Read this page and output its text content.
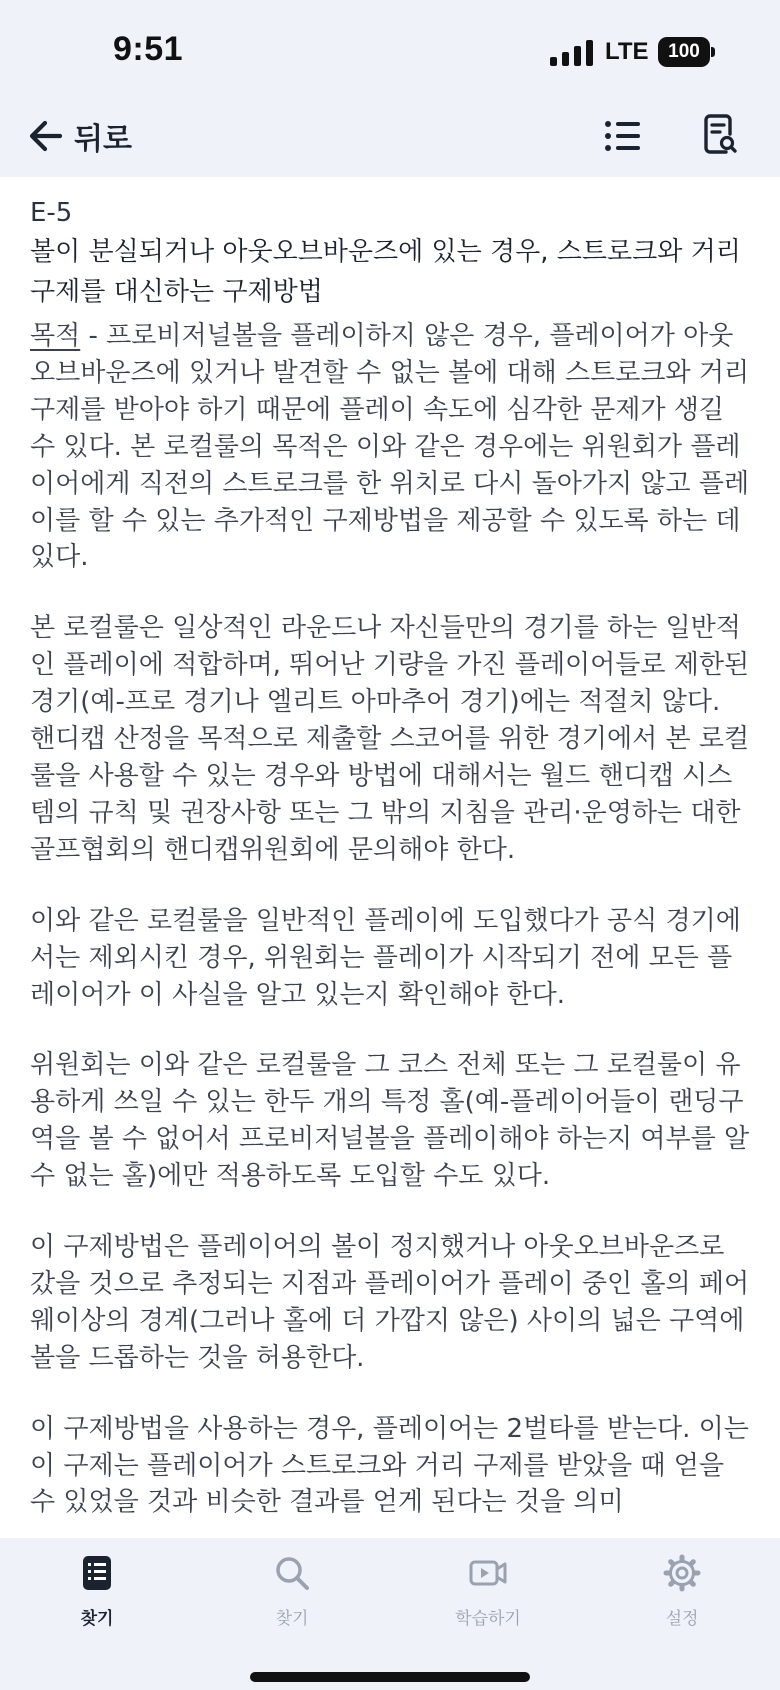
9:51	LTE	100
뒤로
E-5
볼이 분실되거나 아웃오브바운즈에 있는 경우, 스트로크와 거리 구제를 대신하는 구제방법

목적 - 프로비저널볼을 플레이하지 않은 경우, 플레이어가 아웃오브바운즈에 있거나 발견할 수 없는 볼에 대해 스트로크와 거리 구제를 받아야 하기 때문에 플레이 속도에 심각한 문제가 생길 수 있다. 본 로컬룰의 목적은 이와 같은 경우에는 위원회가 플레이어에게 직전의 스트로크를 한 위치로 다시 돌아가지 않고 플레이를 할 수 있는 추가적인 구제방법을 제공할 수 있도록 하는 데 있다.

본 로컬룰은 일상적인 라운드나 자신들만의 경기를 하는 일반적인 플레이에 적합하며, 뛰어난 기량을 가진 플레이어들로 제한된 경기(예-프로 경기나 엘리트 아마추어 경기)에는 적절치 않다. 핸디캡 산정을 목적으로 제출할 스코어를 위한 경기에서 본 로컬룰을 사용할 수 있는 경우와 방법에 대해서는 월드 핸디캡 시스템의 규칙 및 권장사항 또는 그 밖의 지침을 관리·운영하는 대한골프협회의 핸디캡위원회에 문의해야 한다.

이와 같은 로컬룰을 일반적인 플레이에 도입했다가 공식 경기에서는 제외시킨 경우, 위원회는 플레이가 시작되기 전에 모든 플레이어가 이 사실을 알고 있는지 확인해야 한다.

위원회는 이와 같은 로컬룰을 그 코스 전체 또는 그 로컬룰이 유용하게 쓰일 수 있는 한두 개의 특정 홀(예-플레이어들이 랜딩구역을 볼 수 없어서 프로비저널볼을 플레이해야 하는지 여부를 알 수 없는 홀)에만 적용하도록 도입할 수도 있다.

이 구제방법은 플레이어의 볼이 정지했거나 아웃오브바운즈로 갔을 것으로 추정되는 지점과 플레이어가 플레이 중인 홀의 페어웨이상의 경계(그러나 홀에 더 가깝지 않은) 사이의 넓은 구역에 볼을 드롭하는 것을 허용한다.

이 구제방법을 사용하는 경우, 플레이어는 2벌타를 받는다. 이는 이 구제는 플레이어가 스트로크와 거리 구제를 받았을 때 얻을 수 있었을 것과 비슷한 결과를 얻게 된다는 것을 의미

찾기	찾기	학습하기	설정
